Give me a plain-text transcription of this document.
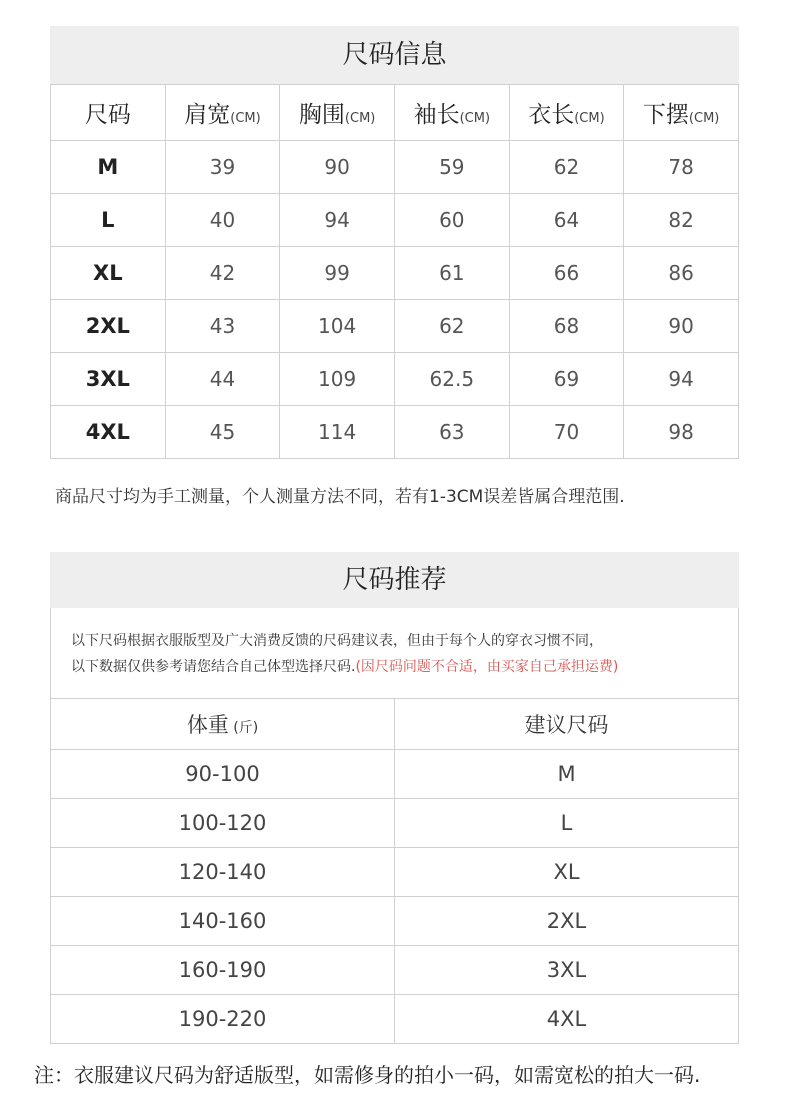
尺码信息
尺码	肩宽(CM)	胸围(CM)	袖长(CM)	衣长(CM)	下摆(CM)
M	39	90	59	62	78
L	40	94	60	64	82
XL	42	99	61	66	86
2XL	43	104	62	68	90
3XL	44	109	62.5	69	94
4XL	45	114	63	70	98
商品尺寸均为手工测量，个人测量方法不同，若有1-3CM误差皆属合理范围.
尺码推荐
以下尺码根据衣服版型及广大消费反馈的尺码建议表，但由于每个人的穿衣习惯不同，
以下数据仅供参考请您结合自己体型选择尺码.(因尺码问题不合适，由买家自己承担运费)
体重 (斤)	建议尺码
90-100	M
100-120	L
120-140	XL
140-160	2XL
160-190	3XL
190-220	4XL
注：衣服建议尺码为舒适版型，如需修身的拍小一码，如需宽松的拍大一码.
